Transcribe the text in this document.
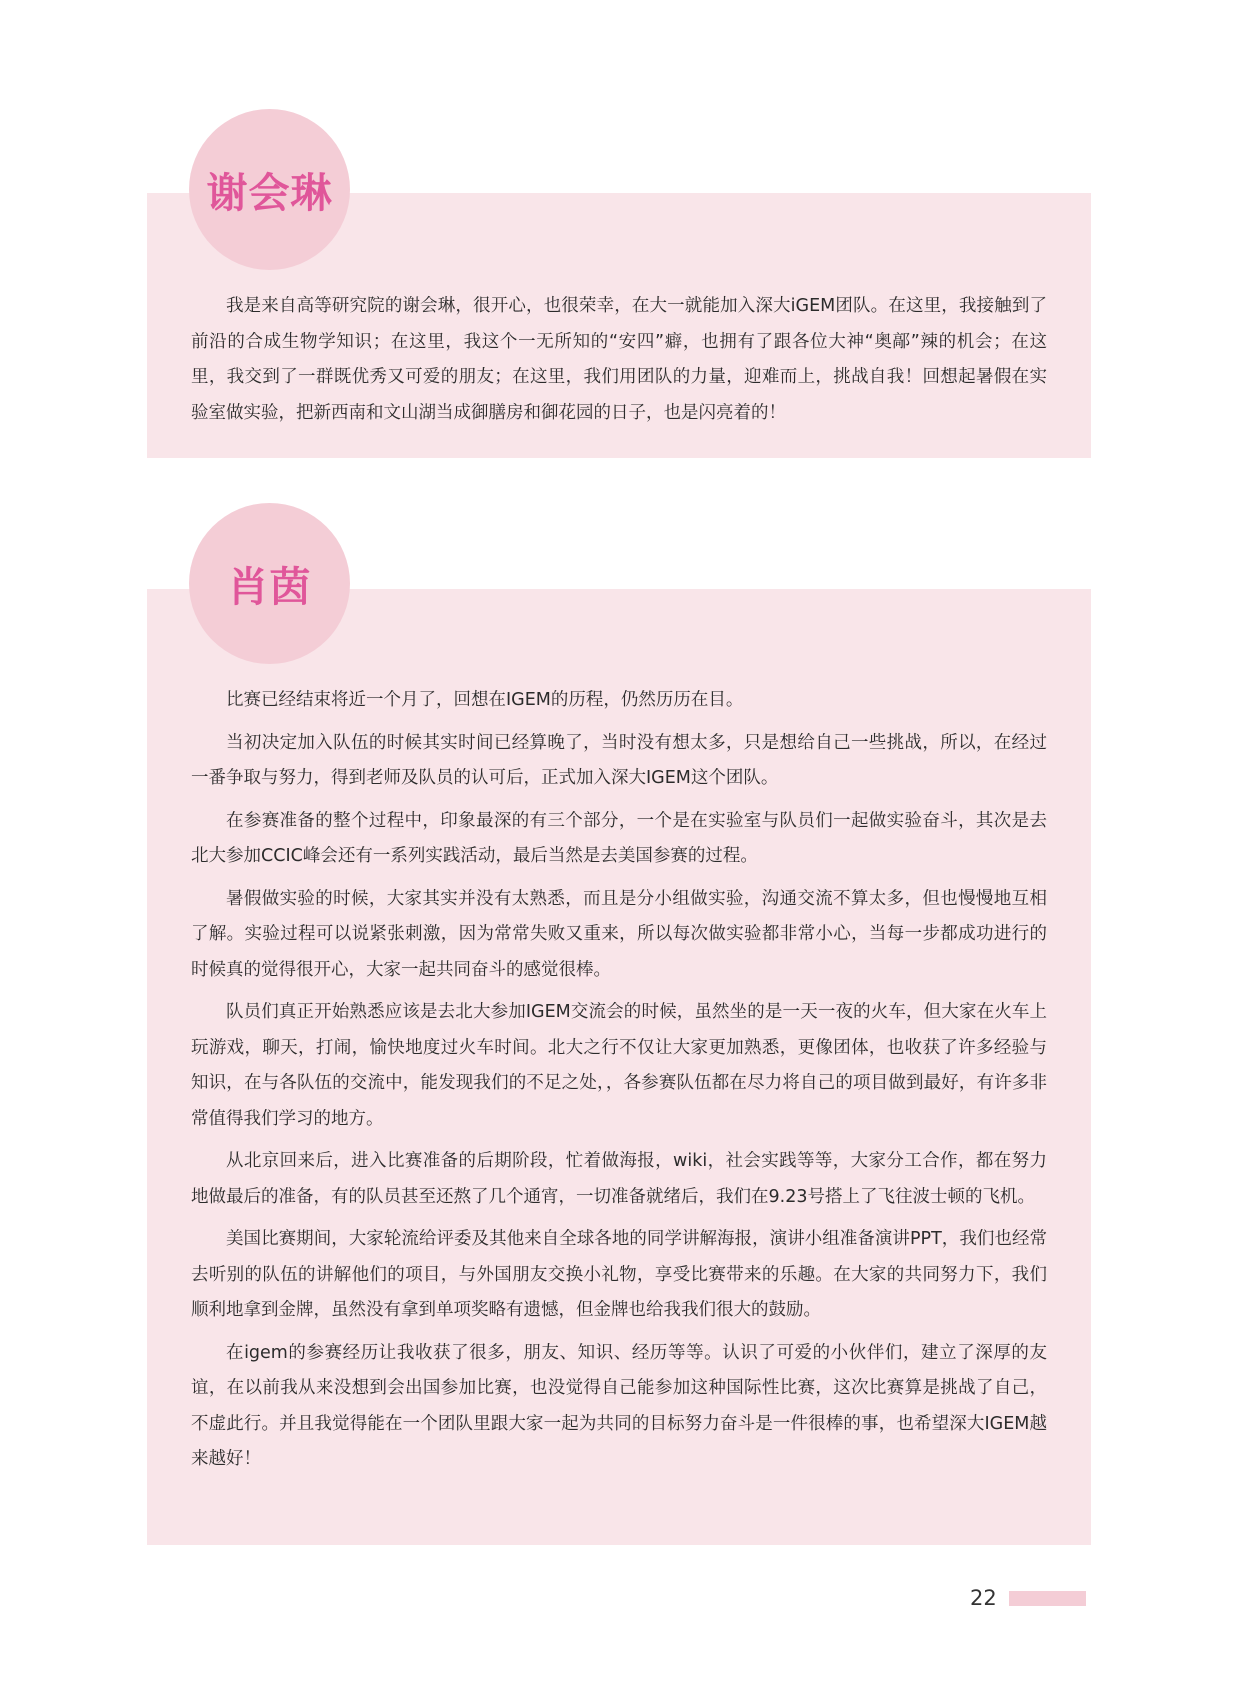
我是来自高等研究院的谢会琳，很开心，也很荣幸，在大一就能加入深大iGEM团队。在这里，我接触到了前沿的合成生物学知识；在这里，我这个一无所知的“安四”癖，也拥有了跟各位大神“奥鄗”辣的机会；在这里，我交到了一群既优秀又可爱的朋友；在这里，我们用团队的力量，迎难而上，挑战自我！回想起暑假在实验室做实验，把新西南和文山湖当成御膳房和御花园的日子，也是闪亮着的！

谢会琳

比赛已经结束将近一个月了，回想在IGEM的历程，仍然历历在目。

当初决定加入队伍的时候其实时间已经算晚了，当时没有想太多，只是想给自己一些挑战，所以，在经过一番争取与努力，得到老师及队员的认可后，正式加入深大IGEM这个团队。

在参赛准备的整个过程中，印象最深的有三个部分，一个是在实验室与队员们一起做实验奋斗，其次是去北大参加CCIC峰会还有一系列实践活动，最后当然是去美国参赛的过程。

暑假做实验的时候，大家其实并没有太熟悉，而且是分小组做实验，沟通交流不算太多，但也慢慢地互相了解。实验过程可以说紧张刺激，因为常常失败又重来，所以每次做实验都非常小心，当每一步都成功进行的时候真的觉得很开心，大家一起共同奋斗的感觉很棒。

队员们真正开始熟悉应该是去北大参加IGEM交流会的时候，虽然坐的是一天一夜的火车，但大家在火车上玩游戏，聊天，打闹，愉快地度过火车时间。北大之行不仅让大家更加熟悉，更像团体，也收获了许多经验与知识，在与各队伍的交流中，能发现我们的不足之处，，各参赛队伍都在尽力将自己的项目做到最好，有许多非常值得我们学习的地方。

从北京回来后，进入比赛准备的后期阶段，忙着做海报，wiki，社会实践等等，大家分工合作，都在努力地做最后的准备，有的队员甚至还熬了几个通宵，一切准备就绪后，我们在9.23号搭上了飞往波士顿的飞机。

美国比赛期间，大家轮流给评委及其他来自全球各地的同学讲解海报，演讲小组准备演讲PPT，我们也经常去听别的队伍的讲解他们的项目，与外国朋友交换小礼物，享受比赛带来的乐趣。在大家的共同努力下，我们顺利地拿到金牌，虽然没有拿到单项奖略有遗憾，但金牌也给我我们很大的鼓励。

在igem的参赛经历让我收获了很多，朋友、知识、经历等等。认识了可爱的小伙伴们，建立了深厚的友谊，在以前我从来没想到会出国参加比赛，也没觉得自己能参加这种国际性比赛，这次比赛算是挑战了自己，不虚此行。并且我觉得能在一个团队里跟大家一起为共同的目标努力奋斗是一件很棒的事，也希望深大IGEM越来越好！

肖茵
22
